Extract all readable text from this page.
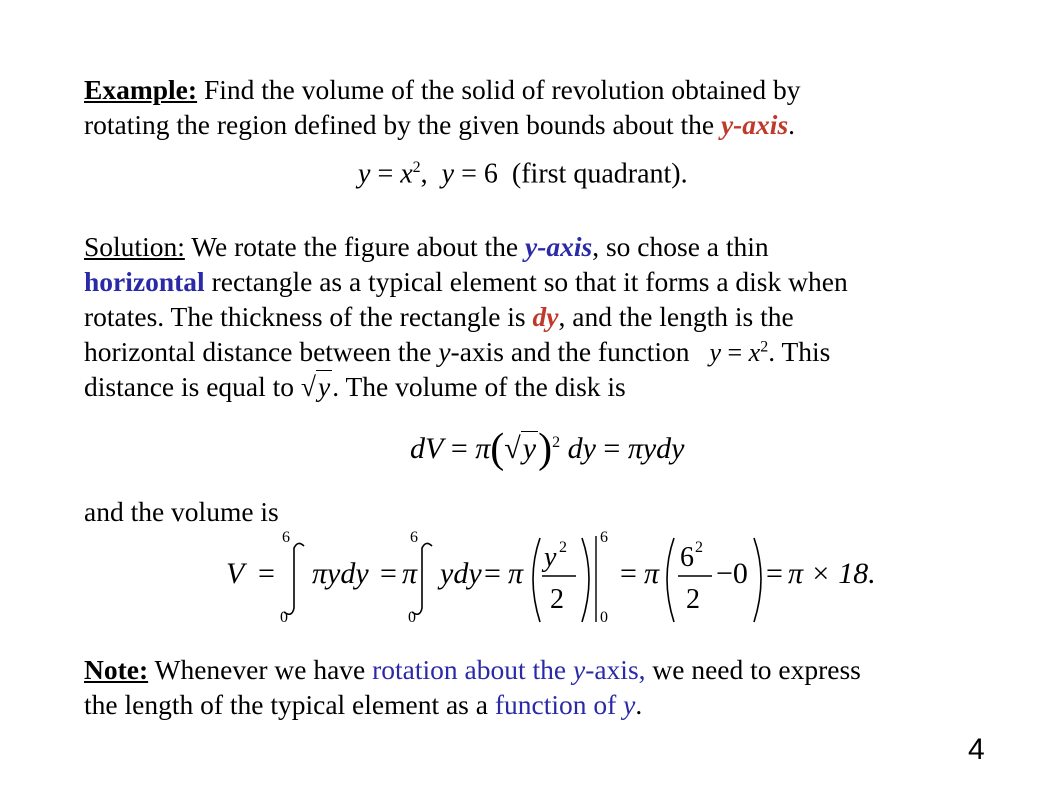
Example: Find the volume of the solid of revolution obtained by
rotating the region defined by the given bounds about the y-axis.

$y = x^2$, y = 6 (first quadrant).

Solution: We rotate the figure about the y-axis, so chose a thin
horizontal rectangle as a typical element so that it forms a disk when
rotates. The thickness of the rectangle is dy, and the length is the
horizontal distance between the y-axis and the function $y = x^2$. This
distance is equal to √y. The volume of the disk is

dV = $\pi(√y)^2$ dy = πydy

and the volume is

V =
6
0
πydy = π
6
0
ydy = π y 2
2
6
0
= π 6 2
2
−0 = π × 18.

Note: Whenever we have rotation about the y-axis, we need to express
the length of the typical element as a function of y.

4
